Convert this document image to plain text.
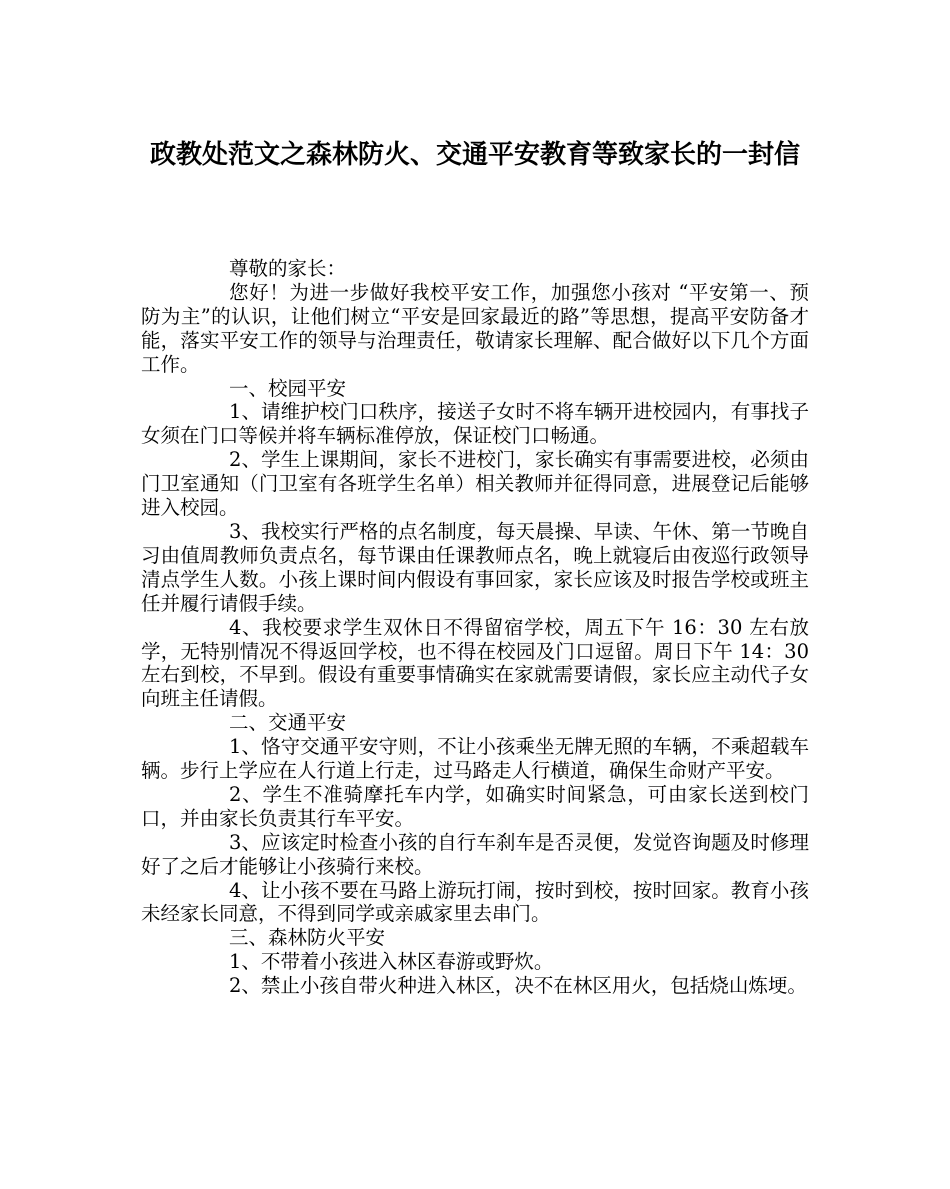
政教处范文之森林防火、交通平安教育等致家长的一封信

尊敬的家长：

您好！为进一步做好我校平安工作，加强您小孩对 “平安第一、预防为主”的认识，让他们树立“平安是回家最近的路”等思想，提高平安防备才能，落实平安工作的领导与治理责任，敬请家长理解、配合做好以下几个方面工作。

一、校园平安

1、请维护校门口秩序，接送子女时不将车辆开进校园内，有事找子女须在门口等候并将车辆标准停放，保证校门口畅通。

2、学生上课期间，家长不进校门，家长确实有事需要进校，必须由门卫室通知（门卫室有各班学生名单）相关教师并征得同意，进展登记后能够进入校园。

3、我校实行严格的点名制度，每天晨操、早读、午休、第一节晚自习由值周教师负责点名，每节课由任课教师点名，晚上就寝后由夜巡行政领导清点学生人数。小孩上课时间内假设有事回家，家长应该及时报告学校或班主任并履行请假手续。

4、我校要求学生双休日不得留宿学校，周五下午 16：30 左右放学，无特别情况不得返回学校，也不得在校园及门口逗留。周日下午 14：30 左右到校，不早到。假设有重要事情确实在家就需要请假，家长应主动代子女向班主任请假。

二、交通平安

1、恪守交通平安守则，不让小孩乘坐无牌无照的车辆，不乘超载车辆。步行上学应在人行道上行走，过马路走人行横道，确保生命财产平安。

2、学生不准骑摩托车内学，如确实时间紧急，可由家长送到校门口，并由家长负责其行车平安。

3、应该定时检查小孩的自行车刹车是否灵便，发觉咨询题及时修理好了之后才能够让小孩骑行来校。

4、让小孩不要在马路上游玩打闹，按时到校，按时回家。教育小孩未经家长同意，不得到同学或亲戚家里去串门。

三、森林防火平安

1、不带着小孩进入林区春游或野炊。

2、禁止小孩自带火种进入林区，决不在林区用火，包括烧山炼埂。
